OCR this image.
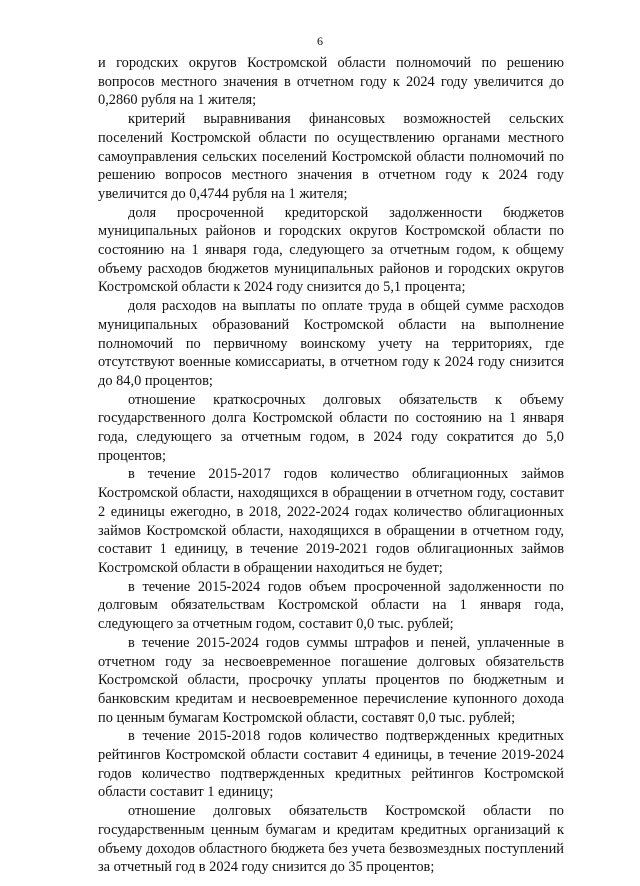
6

и городских округов Костромской области полномочий по решению вопросов местного значения в отчетном году к 2024 году увеличится до 0,2860 рубля на 1 жителя;

критерий выравнивания финансовых возможностей сельских поселений Костромской области по осуществлению органами местного самоуправления сельских поселений Костромской области полномочий по решению вопросов местного значения в отчетном году к 2024 году увеличится до 0,4744 рубля на 1 жителя;

доля просроченной кредиторской задолженности бюджетов муниципальных районов и городских округов Костромской области по состоянию на 1 января года, следующего за отчетным годом, к общему объему расходов бюджетов муниципальных районов и городских округов Костромской области к 2024 году снизится до 5,1 процента;

доля расходов на выплаты по оплате труда в общей сумме расходов муниципальных образований Костромской области на выполнение полномочий по первичному воинскому учету на территориях, где отсутствуют военные комиссариаты, в отчетном году к 2024 году снизится до 84,0 процентов;

отношение краткосрочных долговых обязательств к объему государственного долга Костромской области по состоянию на 1 января года, следующего за отчетным годом, в 2024 году сократится до 5,0 процентов;

в течение 2015-2017 годов количество облигационных займов Костромской области, находящихся в обращении в отчетном году, составит 2 единицы ежегодно, в 2018, 2022-2024 годах количество облигационных займов Костромской области, находящихся в обращении в отчетном году, составит 1 единицу, в течение 2019-2021 годов облигационных займов Костромской области в обращении находиться не будет;

в течение 2015-2024 годов объем просроченной задолженности по долговым обязательствам Костромской области на 1 января года, следующего за отчетным годом, составит 0,0 тыс. рублей;

в течение 2015-2024 годов суммы штрафов и пеней, уплаченные в отчетном году за несвоевременное погашение долговых обязательств Костромской области, просрочку уплаты процентов по бюджетным и банковским кредитам и несвоевременное перечисление купонного дохода по ценным бумагам Костромской области, составят 0,0 тыс. рублей;

в течение 2015-2018 годов количество подтвержденных кредитных рейтингов Костромской области составит 4 единицы, в течение 2019-2024 годов количество подтвержденных кредитных рейтингов Костромской области составит 1 единицу;

отношение долговых обязательств Костромской области по государственным ценным бумагам и кредитам кредитных организаций к объему доходов областного бюджета без учета безвозмездных поступлений за отчетный год в 2024 году снизится до 35 процентов;
